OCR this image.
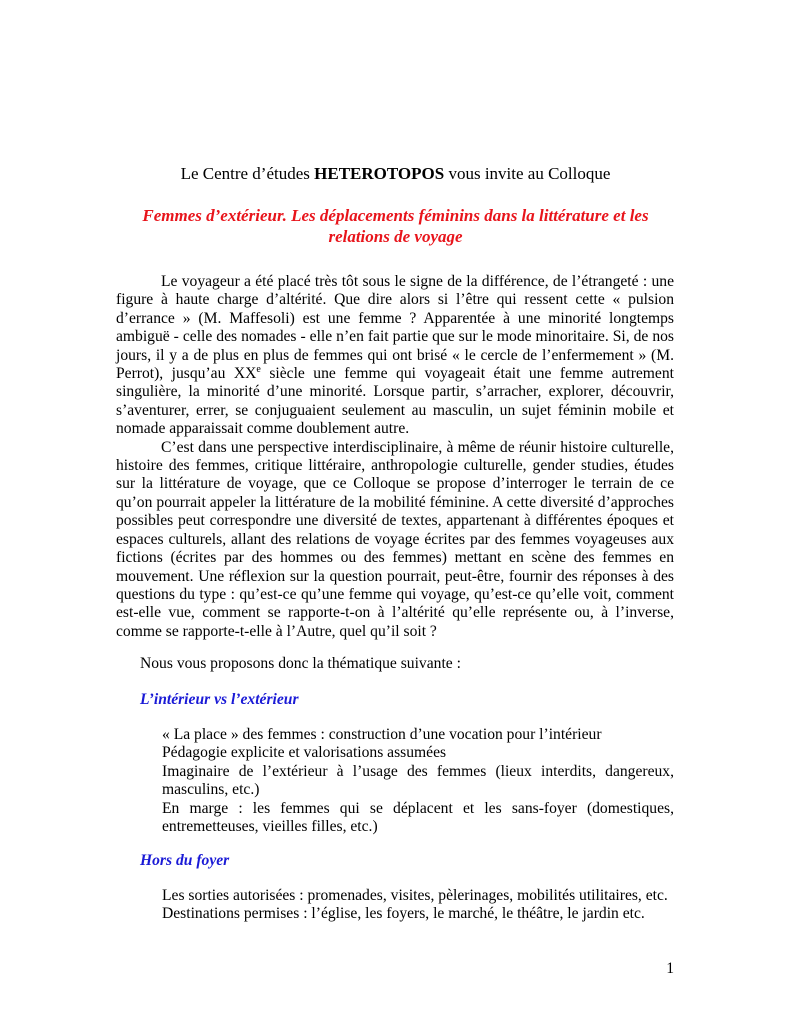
Le Centre d’études HETEROTOPOS vous invite au Colloque
Femmes d’extérieur. Les déplacements féminins dans la littérature et les relations de voyage

Le voyageur a été placé très tôt sous le signe de la différence, de l’étrangeté : une figure à haute charge d’altérité. Que dire alors si l’être qui ressent cette « pulsion d’errance » (M. Maffesoli) est une femme ? Apparentée à une minorité longtemps ambiguë - celle des nomades - elle n’en fait partie que sur le mode minoritaire. Si, de nos jours, il y a de plus en plus de femmes qui ont brisé « le cercle de l’enfermement » (M. Perrot), jusqu’au XXe siècle une femme qui voyageait était une femme autrement singulière, la minorité d’une minorité. Lorsque partir, s’arracher, explorer, découvrir, s’aventurer, errer, se conjuguaient seulement au masculin, un sujet féminin mobile et nomade apparaissait comme doublement autre.

C’est dans une perspective interdisciplinaire, à même de réunir histoire culturelle, histoire des femmes, critique littéraire, anthropologie culturelle, gender studies, études sur la littérature de voyage, que ce Colloque se propose d’interroger le terrain de ce qu’on pourrait appeler la littérature de la mobilité féminine. A cette diversité d’approches possibles peut correspondre une diversité de textes, appartenant à différentes époques et espaces culturels, allant des relations de voyage écrites par des femmes voyageuses aux fictions (écrites par des hommes ou des femmes) mettant en scène des femmes en mouvement. Une réflexion sur la question pourrait, peut-être, fournir des réponses à des questions du type : qu’est-ce qu’une femme qui voyage, qu’est-ce qu’elle voit, comment est-elle vue, comment se rapporte-t-on à l’altérité qu’elle représente ou, à l’inverse, comme se rapporte-t-elle à l’Autre, quel qu’il soit ?

Nous vous proposons donc la thématique suivante :
L’intérieur vs l’extérieur
« La place » des femmes : construction d’une vocation pour l’intérieur
Pédagogie explicite et valorisations assumées
Imaginaire de l’extérieur à l’usage des femmes (lieux interdits, dangereux, masculins, etc.)
En marge : les femmes qui se déplacent et les sans-foyer (domestiques, entremetteuses, vieilles filles, etc.)
Hors du foyer
Les sorties autorisées : promenades, visites, pèlerinages, mobilités utilitaires, etc.
Destinations permises : l’église, les foyers, le marché, le théâtre, le jardin etc.
1
